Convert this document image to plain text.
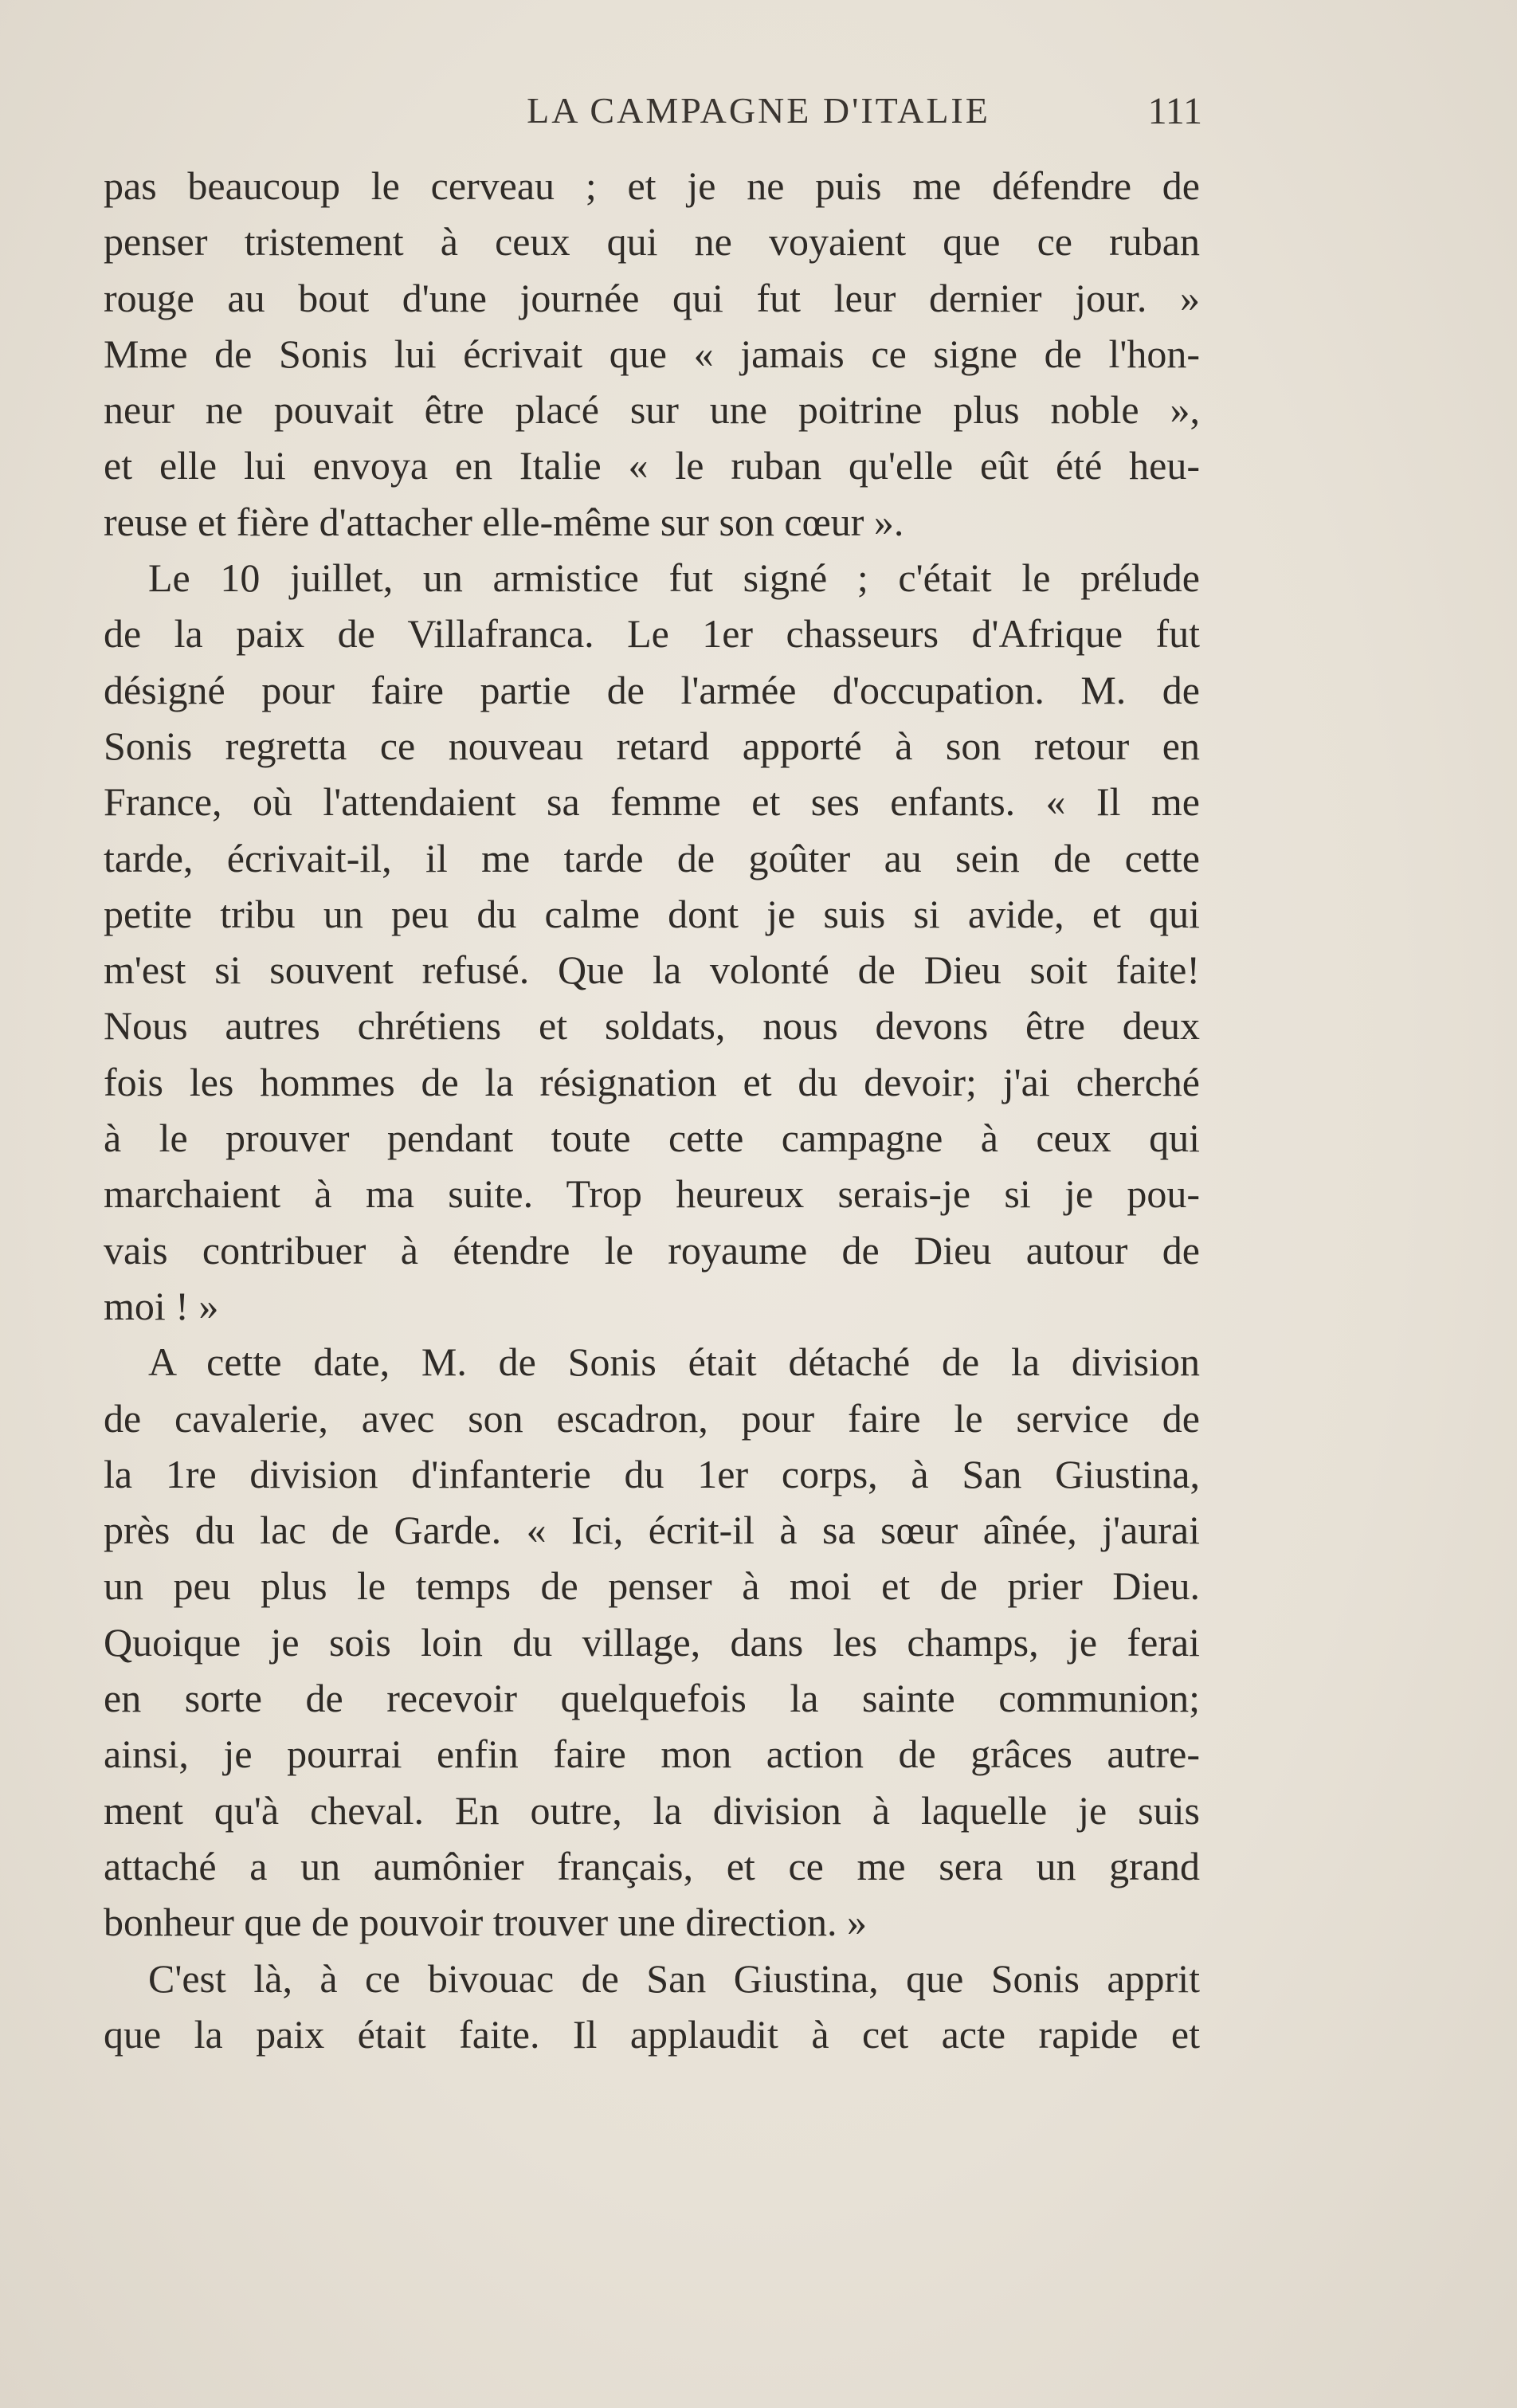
LA CAMPAGNE D'ITALIE	111
pas beaucoup le cerveau ; et je ne puis me défendre de
penser tristement à ceux qui ne voyaient que ce ruban
rouge au bout d'une journée qui fut leur dernier jour. »
Mme de Sonis lui écrivait que « jamais ce signe de l'hon-
neur ne pouvait être placé sur une poitrine plus noble »,
et elle lui envoya en Italie « le ruban qu'elle eût été heu-
reuse et fière d'attacher elle-même sur son cœur ».
Le 10 juillet, un armistice fut signé ; c'était le prélude
de la paix de Villafranca. Le 1er chasseurs d'Afrique fut
désigné pour faire partie de l'armée d'occupation. M. de
Sonis regretta ce nouveau retard apporté à son retour en
France, où l'attendaient sa femme et ses enfants. « Il me
tarde, écrivait-il, il me tarde de goûter au sein de cette
petite tribu un peu du calme dont je suis si avide, et qui
m'est si souvent refusé. Que la volonté de Dieu soit faite!
Nous autres chrétiens et soldats, nous devons être deux
fois les hommes de la résignation et du devoir; j'ai cherché
à le prouver pendant toute cette campagne à ceux qui
marchaient à ma suite. Trop heureux serais-je si je pou-
vais contribuer à étendre le royaume de Dieu autour de
moi ! »
A cette date, M. de Sonis était détaché de la division
de cavalerie, avec son escadron, pour faire le service de
la 1re division d'infanterie du 1er corps, à San Giustina,
près du lac de Garde. « Ici, écrit-il à sa sœur aînée, j'aurai
un peu plus le temps de penser à moi et de prier Dieu.
Quoique je sois loin du village, dans les champs, je ferai
en sorte de recevoir quelquefois la sainte communion;
ainsi, je pourrai enfin faire mon action de grâces autre-
ment qu'à cheval. En outre, la division à laquelle je suis
attaché a un aumônier français, et ce me sera un grand
bonheur que de pouvoir trouver une direction. »
C'est là, à ce bivouac de San Giustina, que Sonis apprit
que la paix était faite. Il applaudit à cet acte rapide et
